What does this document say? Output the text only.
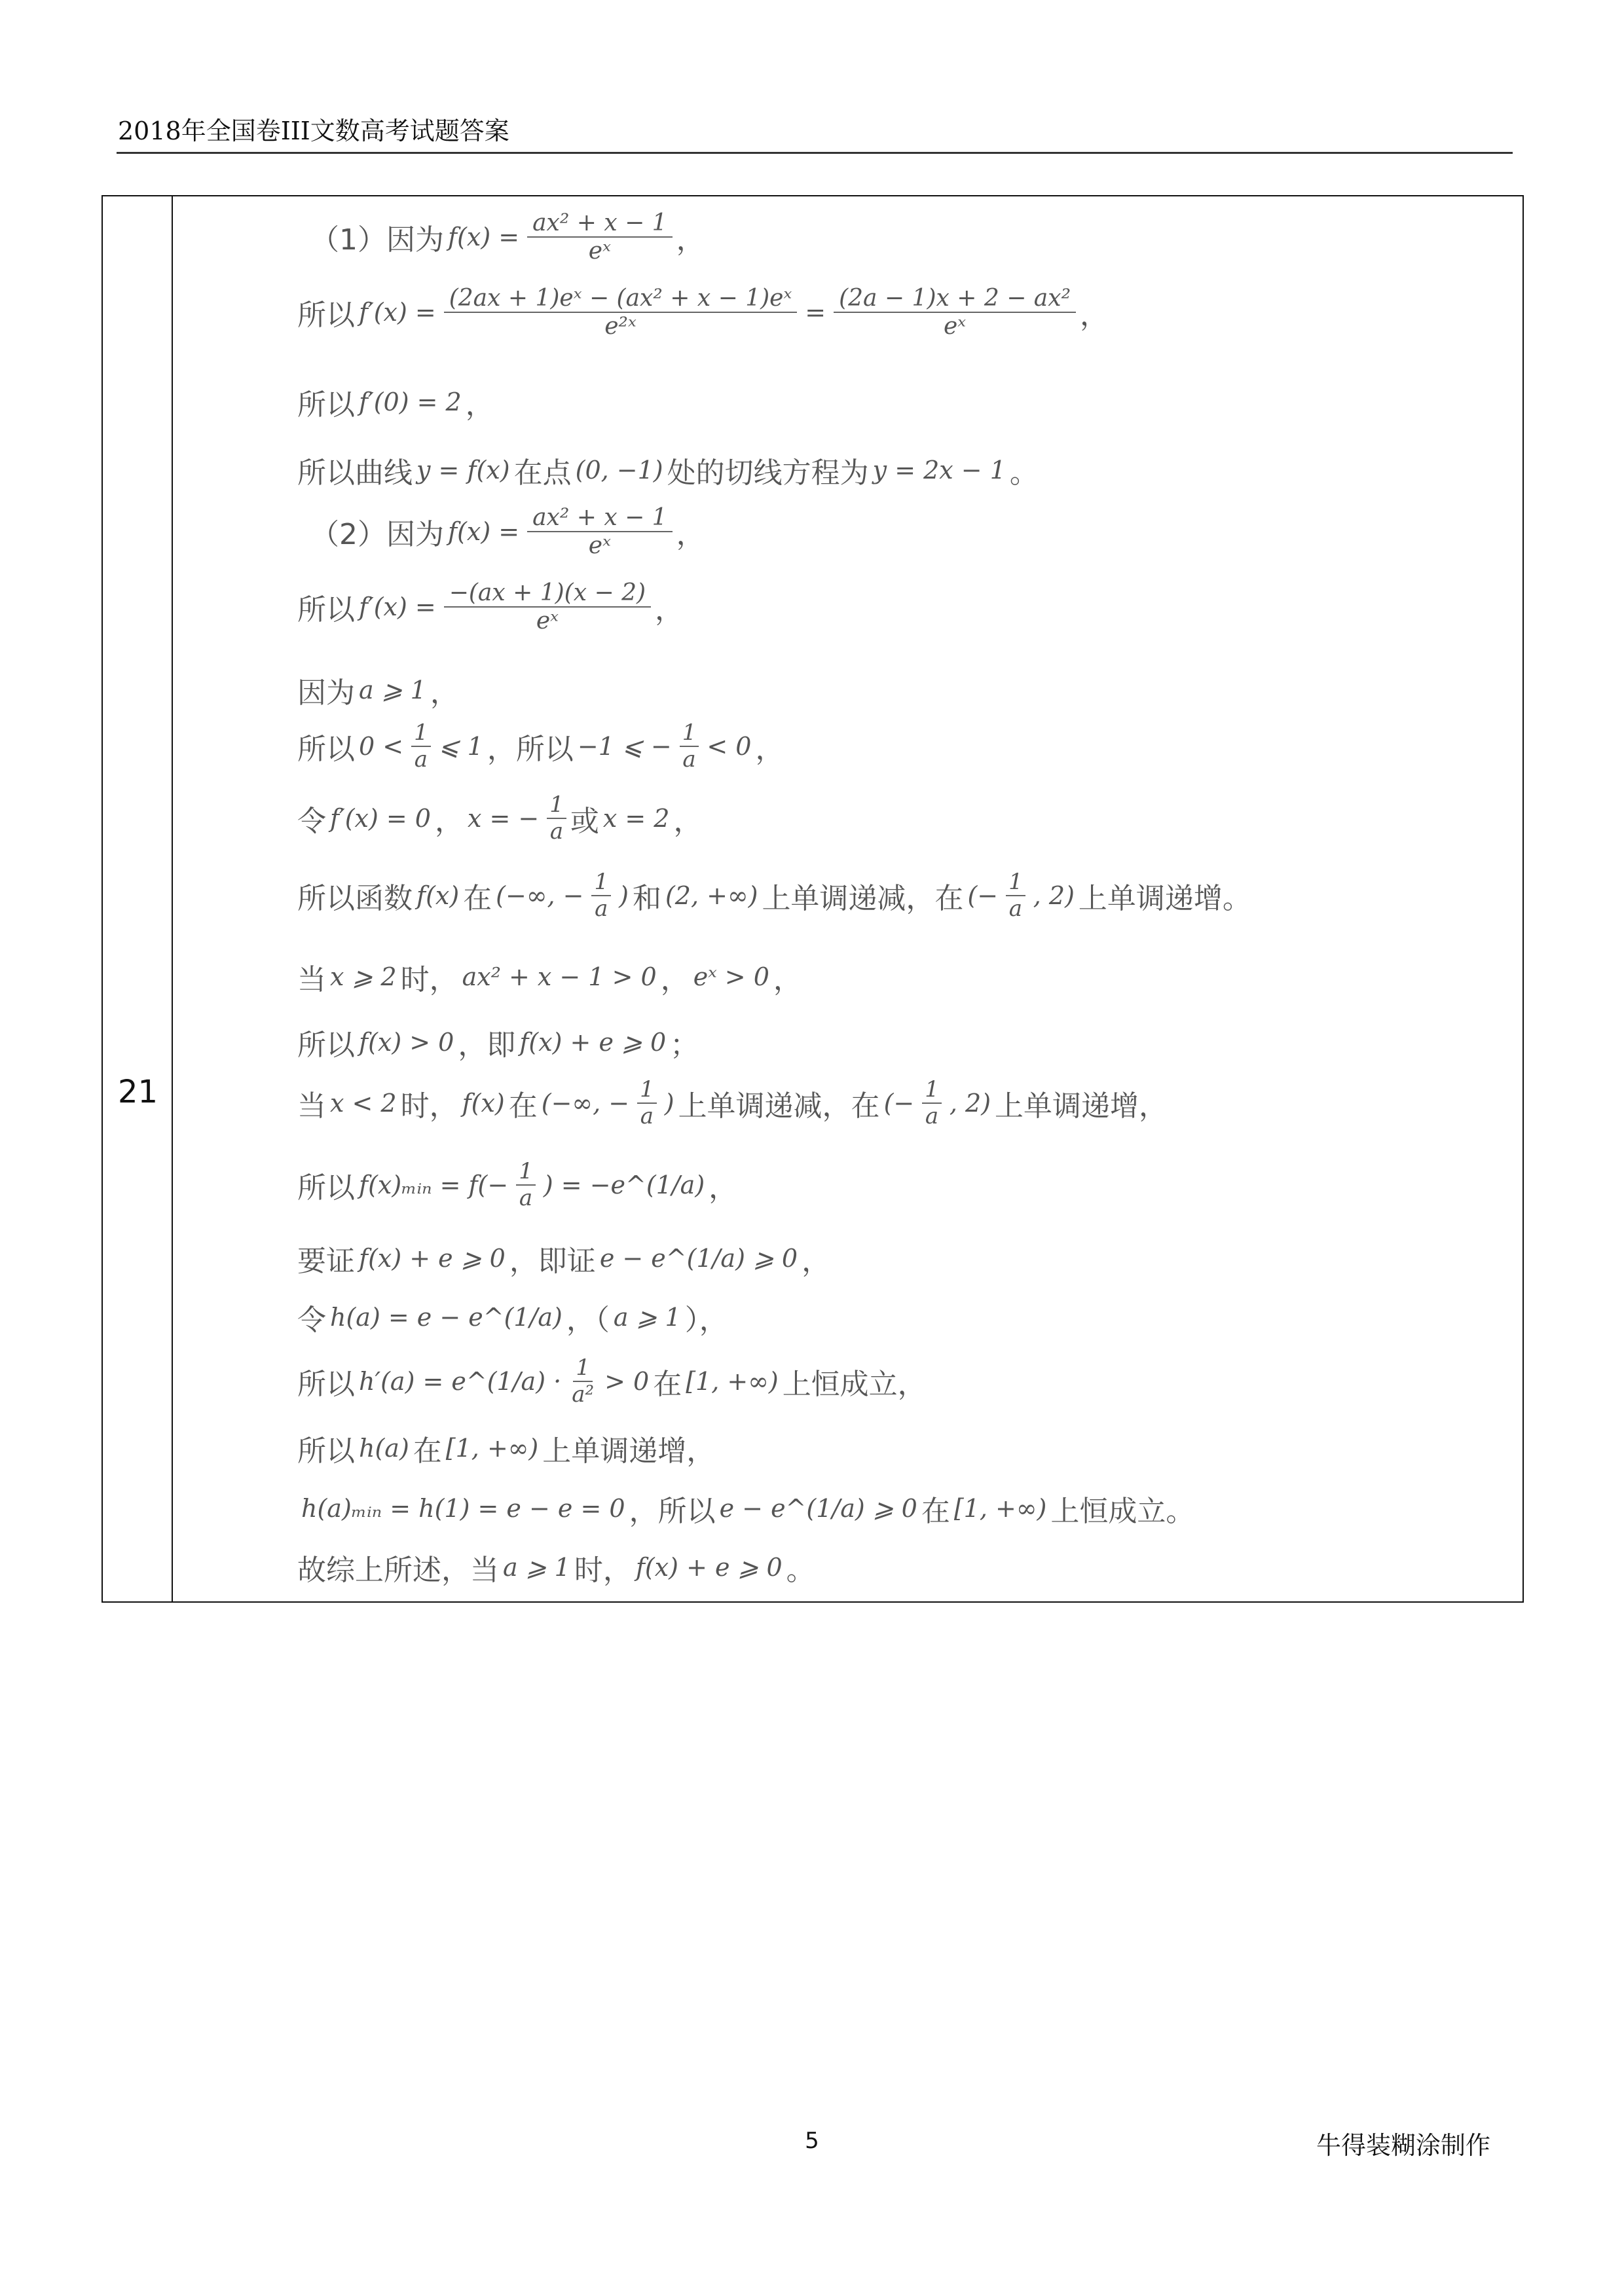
2018年全国卷III文数高考试题答案
21
（1）因为 $f(x) = \frac{\text{ax² + x − 1}}{\text{eˣ}}$ ，
所以 $f'(x) = \frac{\text{(2ax + 1)eˣ − (ax² + x − 1)eˣ}}{\text{e²ˣ}} = \frac{\text{(2a − 1)x + 2 − ax²}}{\text{eˣ}}$ ，
所以 f′(0) = 2 ，
所以曲线 y = f(x) 在点 (0, −1) 处的切线方程为 y = 2x − 1 。
（2）因为 $f(x) = \frac{\text{ax² + x − 1}}{\text{eˣ}}$ ，
所以 $f'(x) = \frac{-(ax + 1)(x - 2)}{\text{eˣ}}$ ，
因为 a ⩾ 1 ，
所以 $0 < \frac{1}{a}$ ⩽ 1 ，所以 −1 ⩽ − $\frac{1}{a} < 0$ ，
令 f′(x) = 0 ， x = − $\frac{1}{a}$ 或 x = 2 ，
所以函数 f(x) 在 (−∞, − $\frac{1}{a}$ ) 和 (2, +∞) 上单调递减，在 (− $\frac{1}{a}$ , 2) 上单调递增。
当 x ⩾ 2 时， ax² + x − 1 > 0 ， eˣ > 0 ，
所以 f(x) > 0 ，即 f(x) + e ⩾ 0 ；
当 x < 2 时， f(x) 在 (−∞, − $\frac{1}{a}$ ) 上单调递减，在 (− $\frac{1}{a}$ , 2) 上单调递增，
所以 f(x)ₘᵢₙ = $f(- \frac{1}{a}$ ) = −e^(1/a) ，
要证 f(x) + e ⩾ 0 ，即证 e − e^(1/a) ⩾ 0 ，
令 h(a) = e − e^(1/a) ，（ a ⩾ 1 ），
所以 h′(a) = e^(1/a) · $\frac{1}{\text{a²}} > 0$ 在 [1, +∞) 上恒成立，
所以 h(a) 在 [1, +∞) 上单调递增，
h(a)ₘᵢₙ = h(1) = e − e = 0 ，所以 e − e^(1/a) ⩾ 0 在 [1, +∞) 上恒成立。
故综上所述，当 a ⩾ 1 时， f(x) + e ⩾ 0 。
5	牛得装糊涂制作
